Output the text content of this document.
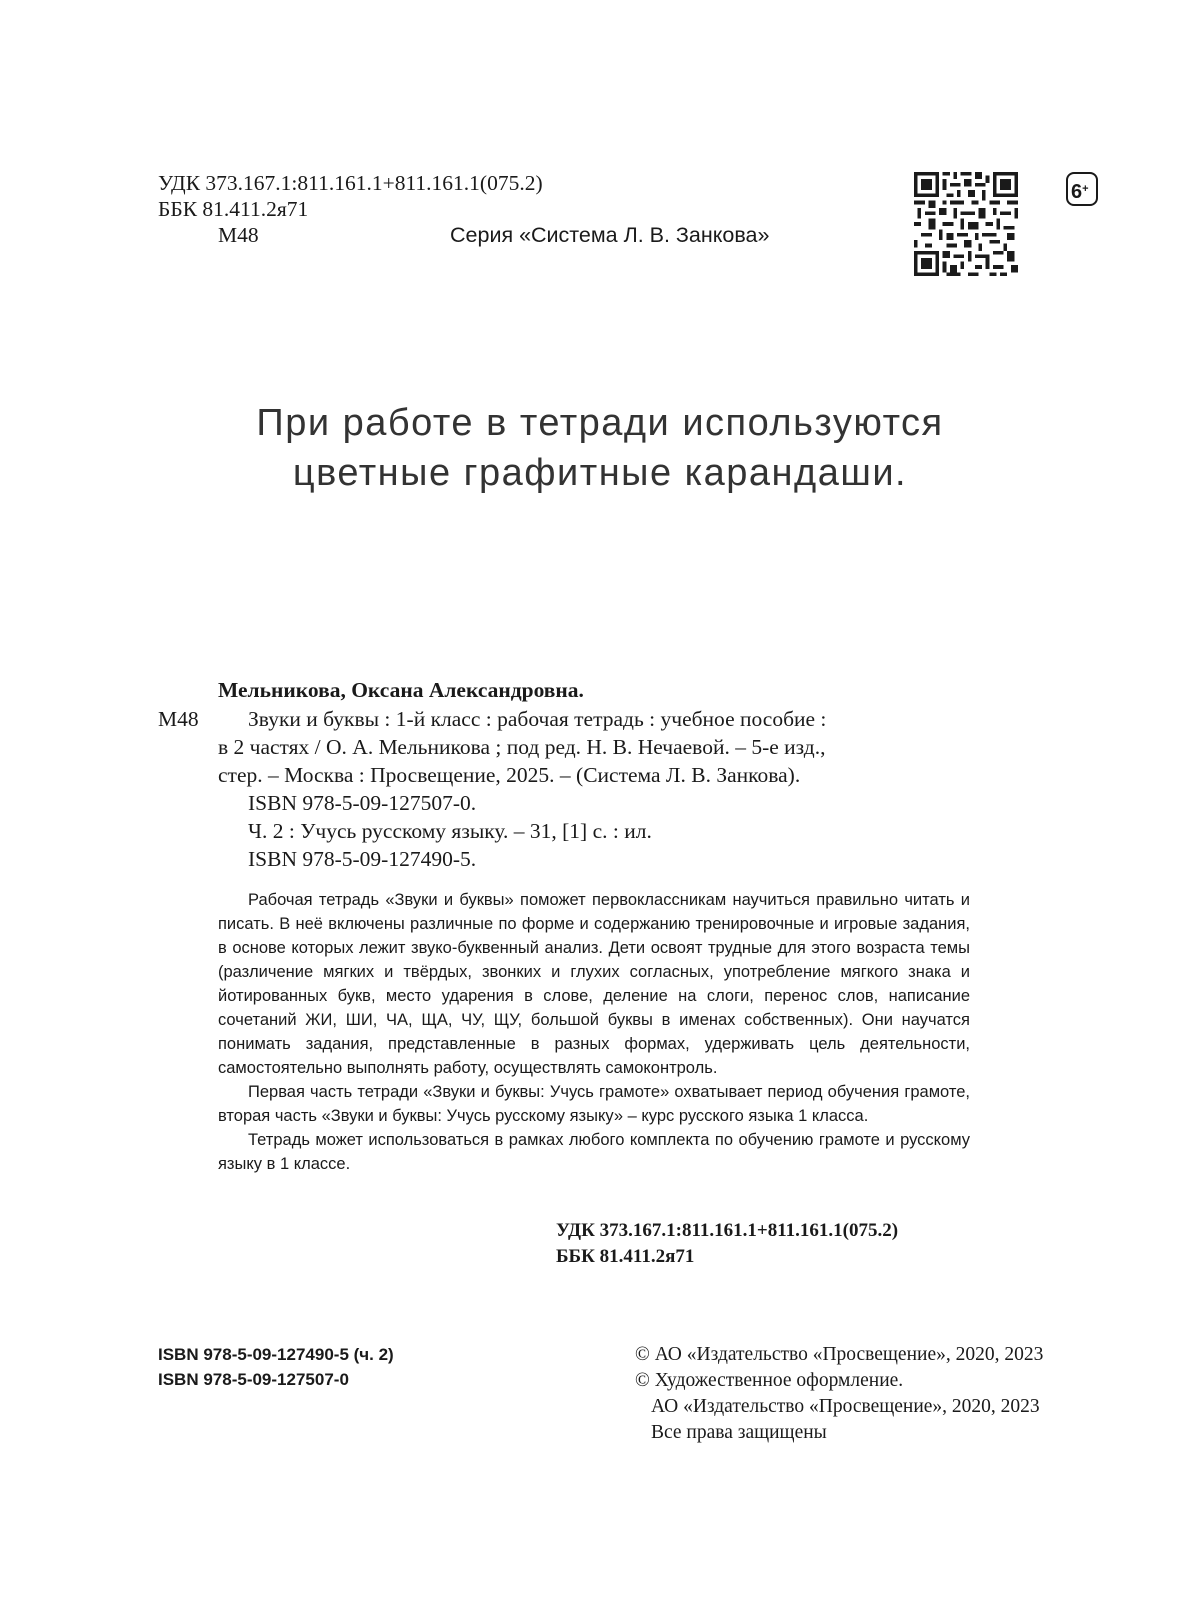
УДК 373.167.1:811.161.1+811.161.1(075.2)
ББК 81.411.2я71
М48	Серия «Система Л. В. Занкова»
6+
При работе в тетради используются
цветные графитные карандаши.
Мельникова, Оксана Александровна.
М48 Звуки и буквы : 1-й класс : рабочая тетрадь : учебное пособие :
в 2 частях / О. А. Мельникова ; под ред. Н. В. Нечаевой. – 5-е изд.,
стер. – Москва : Просвещение, 2025. – (Система Л. В. Занкова).
ISBN 978-5-09-127507-0.
Ч. 2 : Учусь русскому языку. – 31, [1] с. : ил.
ISBN 978-5-09-127490-5.

Рабочая тетрадь «Звуки и буквы» поможет первоклассникам научиться правильно читать и писать. В неё включены различные по форме и содержанию тренировочные и игровые задания, в основе которых лежит звуко-буквенный анализ. Дети освоят трудные для этого возраста темы (различение мягких и твёрдых, звонких и глухих согласных, употребление мягкого знака и йотированных букв, место ударения в слове, деление на слоги, перенос слов, написание сочетаний ЖИ, ШИ, ЧА, ЩА, ЧУ, ЩУ, большой буквы в именах собственных). Они научатся понимать задания, представленные в разных формах, удерживать цель деятельности, самостоятельно выполнять работу, осуществлять самоконтроль.

Первая часть тетради «Звуки и буквы: Учусь грамоте» охватывает период обучения грамоте, вторая часть «Звуки и буквы: Учусь русскому языку» – курс русского языка 1 класса.

Тетрадь может использоваться в рамках любого комплекта по обучению грамоте и русскому языку в 1 классе.

УДК 373.167.1:811.161.1+811.161.1(075.2)
ББК 81.411.2я71
ISBN 978-5-09-127490-5 (ч. 2)
ISBN 978-5-09-127507-0
© АО «Издательство «Просвещение», 2020, 2023
© Художественное оформление.
АО «Издательство «Просвещение», 2020, 2023
Все права защищены
